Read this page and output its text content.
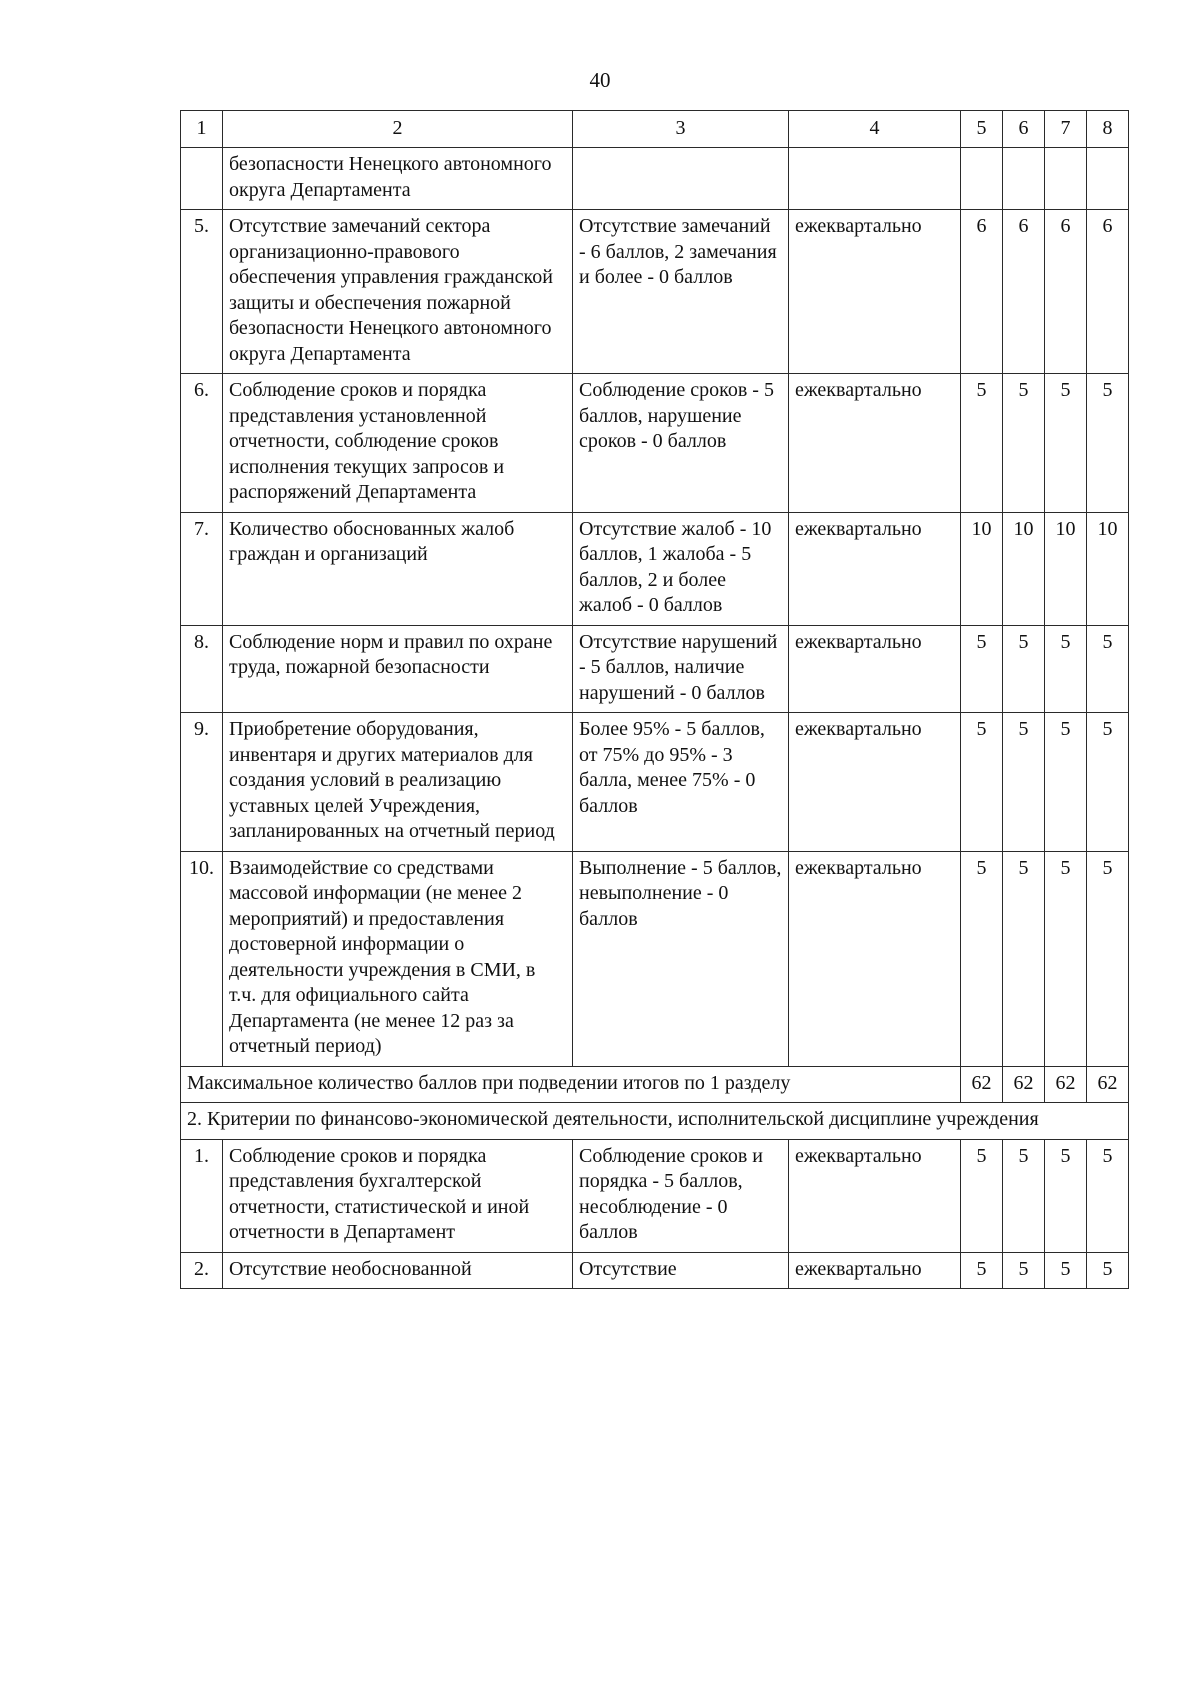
40
1	2	3	4	5	6	7	8
	безопасности Ненецкого автономного округа Департамента						
5.	Отсутствие замечаний сектора организационно-правового обеспечения управления гражданской защиты и обеспечения пожарной безопасности Ненецкого автономного округа Департамента	Отсутствие замечаний - 6 баллов, 2 замечания и более - 0 баллов	ежеквартально	6	6	6	6
6.	Соблюдение сроков и порядка представления установленной отчетности, соблюдение сроков исполнения текущих запросов и распоряжений Департамента	Соблюдение сроков - 5 баллов, нарушение сроков - 0 баллов	ежеквартально	5	5	5	5
7.	Количество обоснованных жалоб граждан и организаций	Отсутствие жалоб - 10 баллов, 1 жалоба - 5 баллов, 2 и более жалоб - 0 баллов	ежеквартально	10	10	10	10
8.	Соблюдение норм и правил по охране труда, пожарной безопасности	Отсутствие нарушений - 5 баллов, наличие нарушений - 0 баллов	ежеквартально	5	5	5	5
9.	Приобретение оборудования, инвентаря и других материалов для создания условий в реализацию уставных целей Учреждения, запланированных на отчетный период	Более 95% - 5 баллов, от 75% до 95% - 3 балла, менее 75% - 0 баллов	ежеквартально	5	5	5	5
10.	Взаимодействие со средствами массовой информации (не менее 2 мероприятий) и предоставления достоверной информации о деятельности учреждения в СМИ, в т.ч. для официального сайта Департамента (не менее 12 раз за отчетный период)	Выполнение - 5 баллов, невыполнение - 0 баллов	ежеквартально	5	5	5	5
Максимальное количество баллов при подведении итогов по 1 разделу				62	62	62	62
2. Критерии по финансово-экономической деятельности, исполнительской дисциплине учреждения							
1.	Соблюдение сроков и порядка представления бухгалтерской отчетности, статистической и иной отчетности в Департамент	Соблюдение сроков и порядка - 5 баллов, несоблюдение - 0 баллов	ежеквартально	5	5	5	5
2.	Отсутствие необоснованной	Отсутствие	ежеквартально	5	5	5	5
